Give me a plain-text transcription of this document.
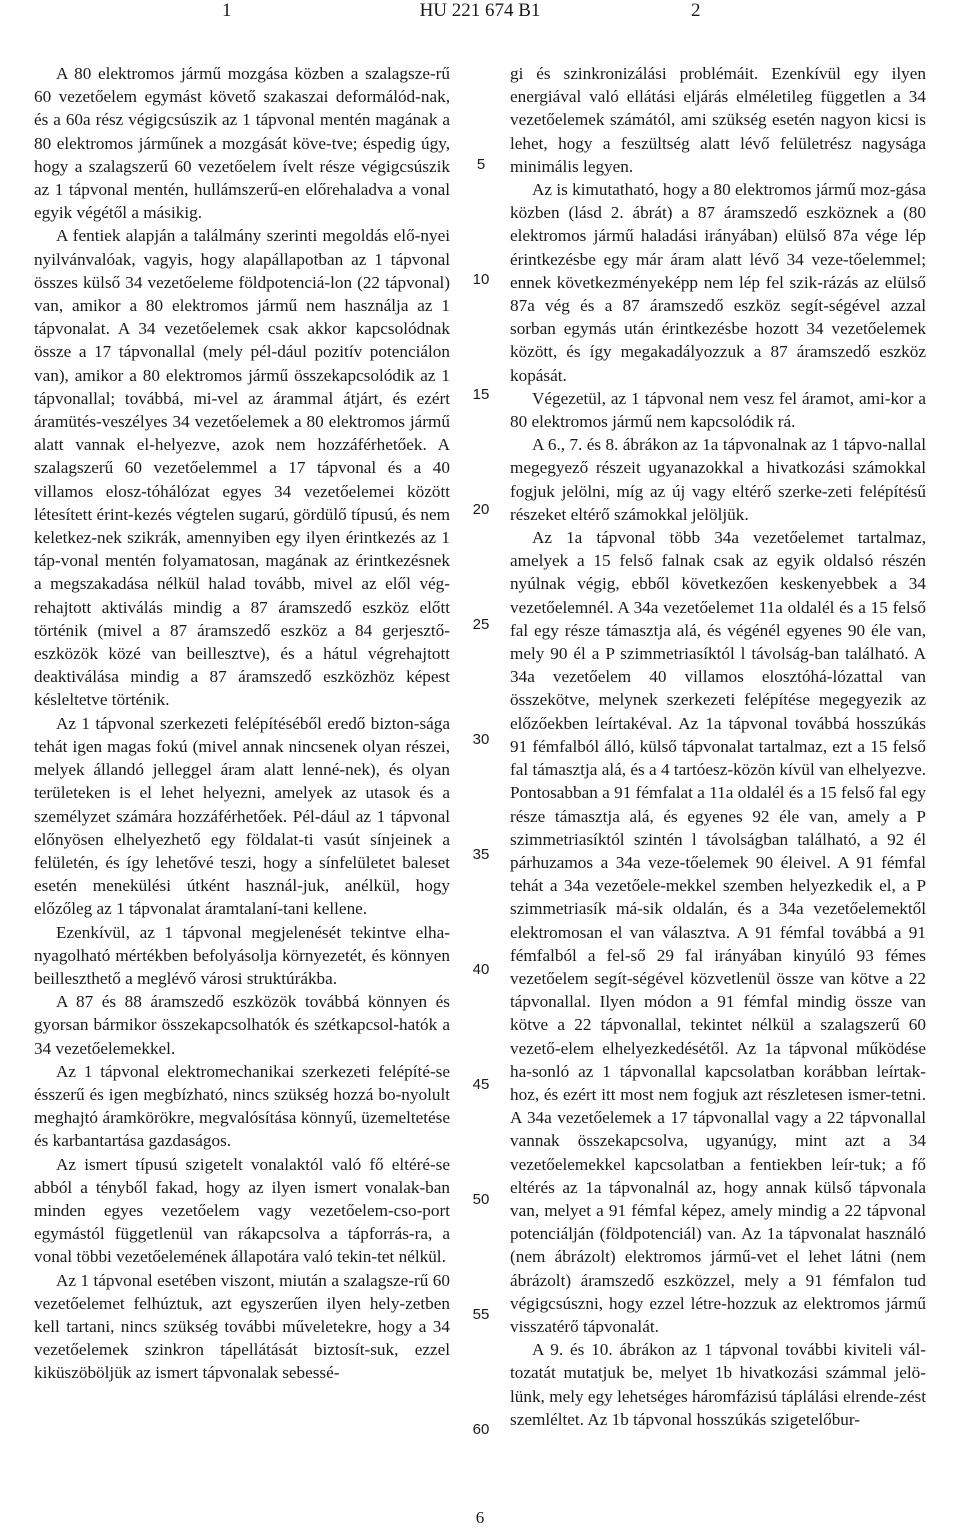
1	HU 221 674 B1	2

A 80 elektromos jármű mozgása közben a szalagsze-rű 60 vezetőelem egymást követő szakaszai deformálód-nak, és a 60a rész végigcsúszik az 1 tápvonal mentén magának a 80 elektromos járműnek a mozgását köve-tve; éspedig úgy, hogy a szalagszerű 60 vezetőelem ívelt része végigcsúszik az 1 tápvonal mentén, hullámszerű-en előrehaladva a vonal egyik végétől a másikig.

A fentiek alapján a találmány szerinti megoldás elő-nyei nyilvánvalóak, vagyis, hogy alapállapotban az 1 tápvonal összes külső 34 vezetőeleme földpotenciá-lon (22 tápvonal) van, amikor a 80 elektromos jármű nem használja az 1 tápvonalat. A 34 vezetőelemek csak akkor kapcsolódnak össze a 17 tápvonallal (mely pél-dául pozitív potenciálon van), amikor a 80 elektromos jármű összekapcsolódik az 1 tápvonallal; továbbá, mi-vel az árammal átjárt, és ezért áramütés-veszélyes 34 vezetőelemek a 80 elektromos jármű alatt vannak el-helyezve, azok nem hozzáférhetőek. A szalagszerű 60 vezetőelemmel a 17 tápvonal és a 40 villamos elosz-tóhálózat egyes 34 vezetőelemei között létesített érint-kezés végtelen sugarú, gördülő típusú, és nem keletkez-nek szikrák, amennyiben egy ilyen érintkezés az 1 táp-vonal mentén folyamatosan, magának az érintkezésnek a megszakadása nélkül halad tovább, mivel az elől vég-rehajtott aktiválás mindig a 87 áramszedő eszköz előtt történik (mivel a 87 áramszedő eszköz a 84 gerjesztő-eszközök közé van beillesztve), és a hátul végrehajtott deaktiválása mindig a 87 áramszedő eszközhöz képest késleltetve történik.

Az 1 tápvonal szerkezeti felépítéséből eredő bizton-sága tehát igen magas fokú (mivel annak nincsenek olyan részei, melyek állandó jelleggel áram alatt lenné-nek), és olyan területeken is el lehet helyezni, amelyek az utasok és a személyzet számára hozzáférhetőek. Pél-dául az 1 tápvonal előnyösen elhelyezhető egy földalat-ti vasút sínjeinek a felületén, és így lehetővé teszi, hogy a sínfelületet baleset esetén menekülési útként használ-juk, anélkül, hogy előzőleg az 1 tápvonalat áramtalaní-tani kellene.

Ezenkívül, az 1 tápvonal megjelenését tekintve elha-nyagolható mértékben befolyásolja környezetét, és könnyen beilleszthető a meglévő városi struktúrákba.

A 87 és 88 áramszedő eszközök továbbá könnyen és gyorsan bármikor összekapcsolhatók és szétkapcsol-hatók a 34 vezetőelemekkel.

Az 1 tápvonal elektromechanikai szerkezeti felépíté-se ésszerű és igen megbízható, nincs szükség hozzá bo-nyolult meghajtó áramkörökre, megvalósítása könnyű, üzemeltetése és karbantartása gazdaságos.

Az ismert típusú szigetelt vonalaktól való fő eltéré-se abból a tényből fakad, hogy az ilyen ismert vonalak-ban minden egyes vezetőelem vagy vezetőelem-cso-port egymástól függetlenül van rákapcsolva a tápforrás-ra, a vonal többi vezetőelemének állapotára való tekin-tet nélkül.

Az 1 tápvonal esetében viszont, miután a szalagsze-rű 60 vezetőelemet felhúztuk, azt egyszerűen ilyen hely-zetben kell tartani, nincs szükség további műveletekre, hogy a 34 vezetőelemek szinkron tápellátását biztosít-suk, ezzel kiküszöböljük az ismert tápvonalak sebessé-

5
10
15
20
25
30
35
40
45
50
55
60

gi és szinkronizálási problémáit. Ezenkívül egy ilyen energiával való ellátási eljárás elméletileg független a 34 vezetőelemek számától, ami szükség esetén nagyon kicsi is lehet, hogy a feszültség alatt lévő felületrész nagysága minimális legyen.

Az is kimutatható, hogy a 80 elektromos jármű moz-gása közben (lásd 2. ábrát) a 87 áramszedő eszköznek a (80 elektromos jármű haladási irányában) elülső 87a vége lép érintkezésbe egy már áram alatt lévő 34 veze-tőelemmel; ennek következményeképp nem lép fel szik-rázás az elülső 87a vég és a 87 áramszedő eszköz segít-ségével azzal sorban egymás után érintkezésbe hozott 34 vezetőelemek között, és így megakadályozzuk a 87 áramszedő eszköz kopását.

Végezetül, az 1 tápvonal nem vesz fel áramot, ami-kor a 80 elektromos jármű nem kapcsolódik rá.

A 6., 7. és 8. ábrákon az 1a tápvonalnak az 1 tápvo-nallal megegyező részeit ugyanazokkal a hivatkozási számokkal fogjuk jelölni, míg az új vagy eltérő szerke-zeti felépítésű részeket eltérő számokkal jelöljük.

Az 1a tápvonal több 34a vezetőelemet tartalmaz, amelyek a 15 felső falnak csak az egyik oldalsó részén nyúlnak végig, ebből következően keskenyebbek a 34 vezetőelemnél. A 34a vezetőelemet 11a oldalél és a 15 felső fal egy része támasztja alá, és végénél egyenes 90 éle van, mely 90 él a P szimmetriasíktól l távolság-ban található. A 34a vezetőelem 40 villamos elosztóhá-lózattal van összekötve, melynek szerkezeti felépítése megegyezik az előzőekben leírtakéval. Az 1a tápvonal továbbá hosszúkás 91 fémfalból álló, külső tápvonalat tartalmaz, ezt a 15 felső fal támasztja alá, és a 4 tartóesz-közön kívül van elhelyezve. Pontosabban a 91 fémfalat a 11a oldalél és a 15 felső fal egy része támasztja alá, és egyenes 92 éle van, amely a P szimmetriasíktól szintén l távolságban található, a 92 él párhuzamos a 34a veze-tőelemek 90 éleivel. A 91 fémfal tehát a 34a vezetőele-mekkel szemben helyezkedik el, a P szimmetriasík má-sik oldalán, és a 34a vezetőelemektől elektromosan el van választva. A 91 fémfal továbbá a 91 fémfalból a fel-ső 29 fal irányában kinyúló 93 fémes vezetőelem segít-ségével közvetlenül össze van kötve a 22 tápvonallal. Ilyen módon a 91 fémfal mindig össze van kötve a 22 tápvonallal, tekintet nélkül a szalagszerű 60 vezető-elem elhelyezkedésétől. Az 1a tápvonal működése ha-sonló az 1 tápvonallal kapcsolatban korábban leírtak-hoz, és ezért itt most nem fogjuk azt részletesen ismer-tetni. A 34a vezetőelemek a 17 tápvonallal vagy a 22 tápvonallal vannak összekapcsolva, ugyanúgy, mint azt a 34 vezetőelemekkel kapcsolatban a fentiekben leír-tuk; a fő eltérés az 1a tápvonalnál az, hogy annak külső tápvonala van, melyet a 91 fémfal képez, amely mindig a 22 tápvonal potenciálján (földpotenciál) van. Az 1a tápvonalat használó (nem ábrázolt) elektromos jármű-vet el lehet látni (nem ábrázolt) áramszedő eszközzel, mely a 91 fémfalon tud végigcsúszni, hogy ezzel létre-hozzuk az elektromos jármű visszatérő tápvonalát.

A 9. és 10. ábrákon az 1 tápvonal további kiviteli vál-tozatát mutatjuk be, melyet 1b hivatkozási számmal jelö-lünk, mely egy lehetséges háromfázisú táplálási elrende-zést szemléltet. Az 1b tápvonal hosszúkás szigetelőbur-

6
